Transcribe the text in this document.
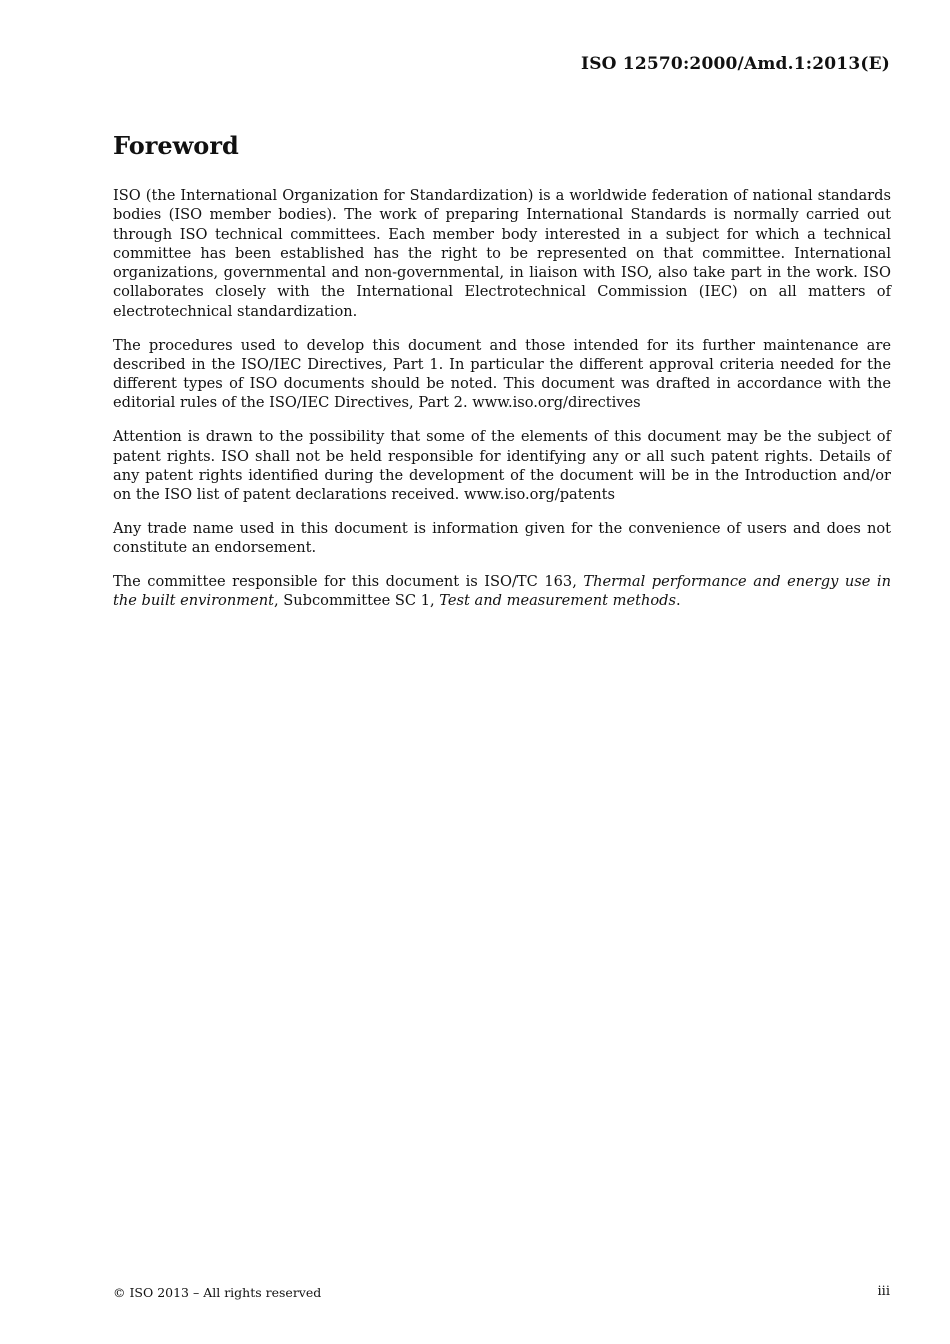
ISO 12570:2000/Amd.1:2013(E)
Foreword

ISO (the International Organization for Standardization) is a worldwide federation of national standards bodies (ISO member bodies). The work of preparing International Standards is normally carried out through ISO technical committees. Each member body interested in a subject for which a technical committee has been established has the right to be represented on that committee. International organizations, governmental and non-governmental, in liaison with ISO, also take part in the work. ISO collaborates closely with the International Electrotechnical Commission (IEC) on all matters of electrotechnical standardization.

The procedures used to develop this document and those intended for its further maintenance are described in the ISO/IEC Directives, Part 1. In particular the different approval criteria needed for the different types of ISO documents should be noted. This document was drafted in accordance with the editorial rules of the ISO/IEC Directives, Part 2. www.iso.org/directives

Attention is drawn to the possibility that some of the elements of this document may be the subject of patent rights. ISO shall not be held responsible for identifying any or all such patent rights. Details of any patent rights identified during the development of the document will be in the Introduction and/or on the ISO list of patent declarations received. www.iso.org/patents

Any trade name used in this document is information given for the convenience of users and does not constitute an endorsement.

The committee responsible for this document is ISO/TC 163, Thermal performance and energy use in the built environment, Subcommittee SC 1, Test and measurement methods.

© ISO 2013 – All rights reserved	iii
